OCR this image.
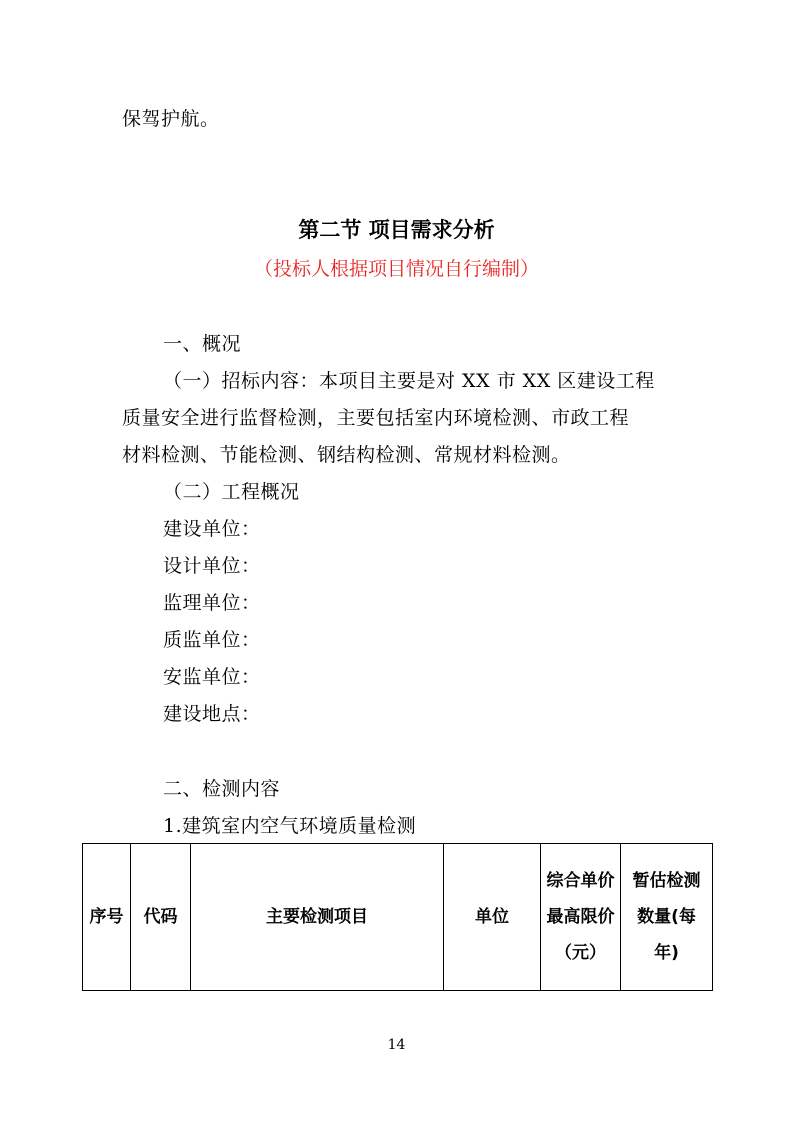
保驾护航。
第二节 项目需求分析
（投标人根据项目情况自行编制）
一、概况
（一）招标内容：本项目主要是对 XX 市 XX 区建设工程
质量安全进行监督检测，主要包括室内环境检测、市政工程
材料检测、节能检测、钢结构检测、常规材料检测。
（二）工程概况
建设单位：
设计单位：
监理单位：
质监单位：
安监单位：
建设地点：
二、检测内容
1.建筑室内空气环境质量检测
序号	代码	主要检测项目	单位	综合单价最高限价（元）	暂估检测数量(每年)
14
